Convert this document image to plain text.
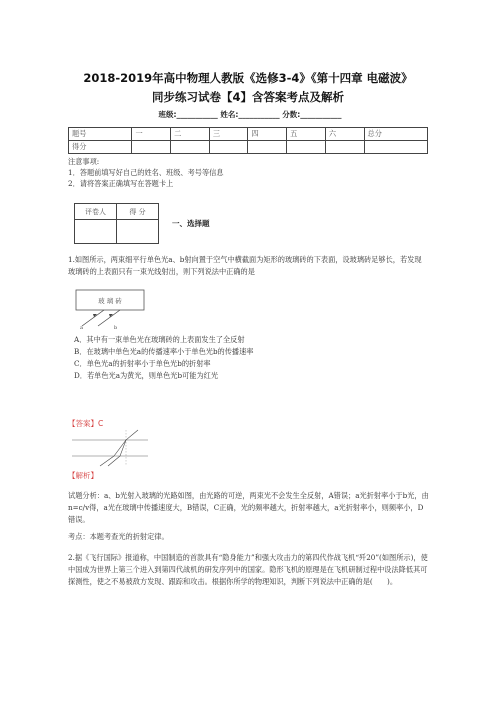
2018-2019年高中物理人教版《选修3-4》《第十四章 电磁波》
同步练习试卷【4】含答案考点及解析
班级:___________ 姓名:___________ 分数:___________
题号	一	二	三	四	五	六	总分
得分							
注意事项:
1．答题前填写好自己的姓名、班级、考号等信息
2．请将答案正确填写在答题卡上
评卷人	得 分

一、选择题
1.如图所示，两束细平行单色光a、b射向置于空气中横截面为矩形的玻璃砖的下表面，设玻璃砖足够长，若发现玻璃砖的上表面只有一束光线射出，则下列说法中正确的是
玻 璃 砖
a	b
A．其中有一束单色光在玻璃砖的上表面发生了全反射
B．在玻璃中单色光a的传播速率小于单色光b的传播速率
C．单色光a的折射率小于单色光b的折射率
D．若单色光a为黄光，则单色光b可能为红光
【答案】C
【解析】
试题分析：a、b光射入玻璃的光路如图，由光路的可逆，两束光不会发生全反射，A错误；a光折射率小于b光，由n=c/v得，a光在玻璃中传播速度大，B错误，C正确，光的频率越大，折射率越大，a光折射率小，则频率小，D错误。
考点：本题考查光的折射定律。
2.据《飞行国际》报道称，中国制造的首款具有“隐身能力”和强大攻击力的第四代作战飞机“歼20”(如图所示)，使中国成为世界上第三个进入到第四代战机的研发序列中的国家。隐形飞机的原理是在飞机研制过程中设法降低其可探测性，使之不易被敌方发现、跟踪和攻击。根据你所学的物理知识，判断下列说法中正确的是(　　)。
